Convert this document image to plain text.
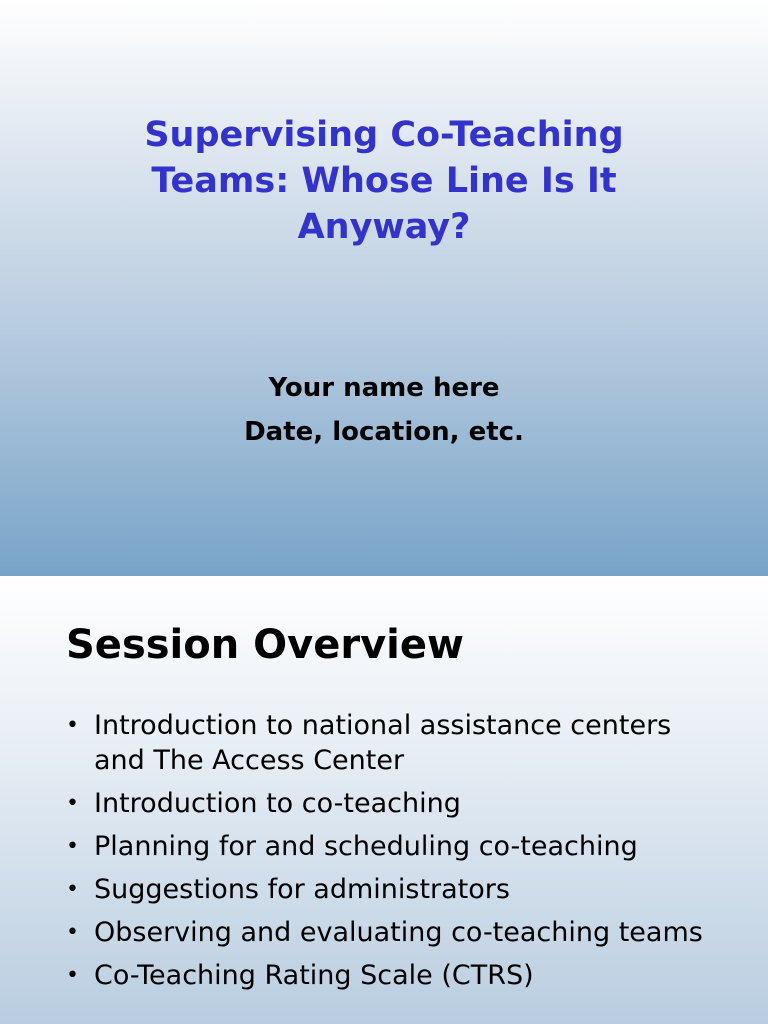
Supervising Co-Teaching Teams: Whose Line Is It Anyway?
Your name here
Date, location, etc.
Session Overview
• Introduction to national assistance centers and The Access Center
• Introduction to co-teaching
• Planning for and scheduling co-teaching
• Suggestions for administrators
• Observing and evaluating co-teaching teams
• Co-Teaching Rating Scale (CTRS)
